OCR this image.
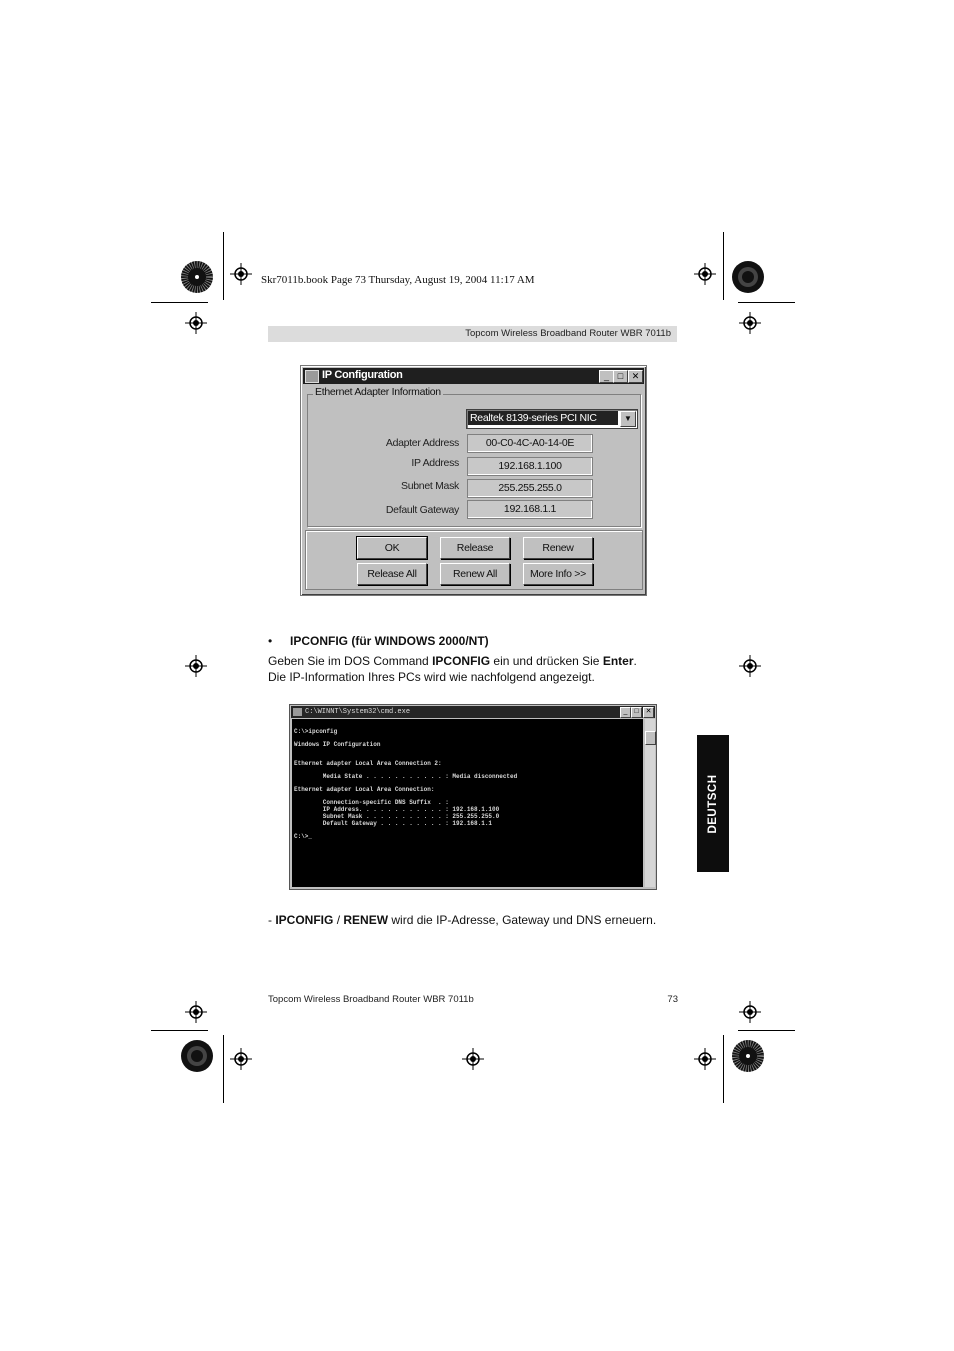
Skr7011b.book Page 73 Thursday, August 19, 2004 11:17 AM
Topcom Wireless Broadband Router WBR 7011b
IP Configuration	_ □ ✕
Ethernet Adapter Information
Realtek 8139-series PCI NIC	▼
Adapter Address	00-C0-4C-A0-14-0E
IP Address	192.168.1.100
Subnet Mask	255.255.255.0
Default Gateway	192.168.1.1
OK	Release	Renew
Release All	Renew All	More Info >>
• IPCONFIG (für WINDOWS 2000/NT)
Geben Sie im DOS Command IPCONFIG ein und drücken Sie Enter.
Die IP-Information Ihres PCs wird wie nachfolgend angezeigt.
C:\WINNT\System32\cmd.exe	_ □ ✕
C:\>ipconfig
Windows IP Configuration
Ethernet adapter Local Area Connection 2:
Media State . . . . . . . . . . . : Media disconnected
Ethernet adapter Local Area Connection:
Connection-specific DNS Suffix  . :
IP Address. . . . . . . . . . . . : 192.168.1.100
Subnet Mask . . . . . . . . . . . : 255.255.255.0
Default Gateway . . . . . . . . . : 192.168.1.1
C:\>_
DEUTSCH
- IPCONFIG / RENEW wird die IP-Adresse, Gateway und DNS erneuern.
Topcom Wireless Broadband Router WBR 7011b	73
